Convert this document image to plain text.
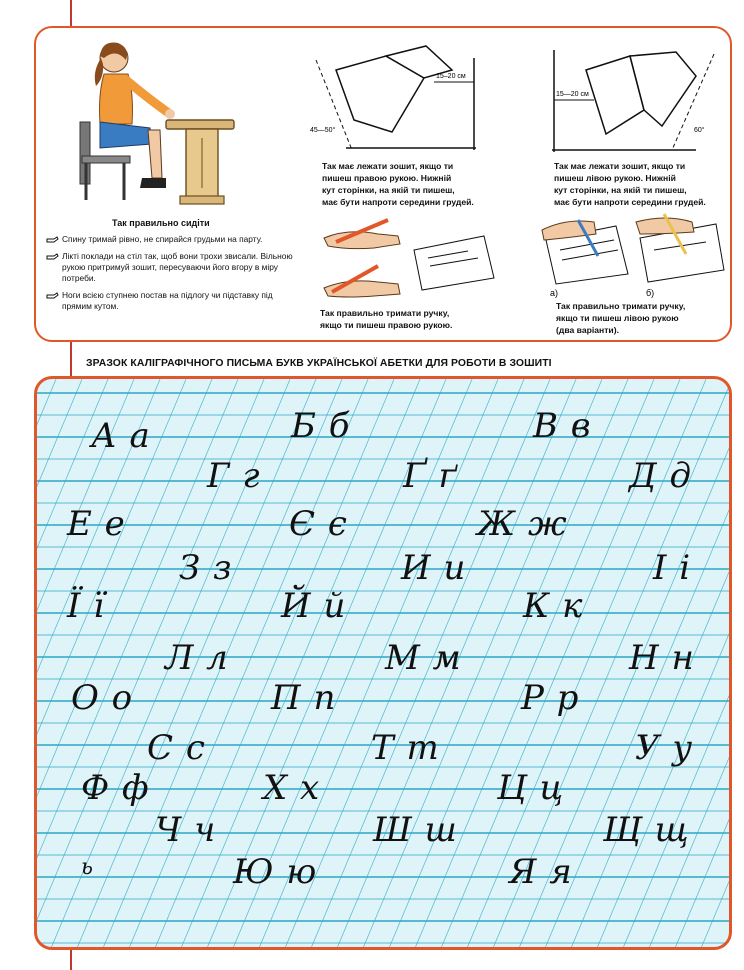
Так правильно сидіти
Спину тримай рівно, не спирайся грудьми на парту.
Лікті поклади на стіл так, щоб вони трохи звисали. Вільною рукою притримуй зошит, пересуваючи його вгору в міру потреби.
Ноги всією ступнею постав на підлогу чи підставку під прямим кутом.
15–20 см
45—50°
Так має лежати зошит, якщо ти
пишеш правою рукою. Нижній
кут сторінки, на якій ти пишеш,
має бути напроти середини грудей.
Так правильно тримати ручку,
якщо ти пишеш правою рукою.
15—20 см
60°
Так має лежати зошит, якщо ти
пишеш лівою рукою. Нижній
кут сторінки, на якій ти пишеш,
має бути напроти середини грудей.
а)	б)
Так правильно тримати ручку,
якщо ти пишеш лівою рукою
(два варіанти).
ЗРАЗОК КАЛІГРАФІЧНОГО ПИСЬМА БУКВ УКРАЇНСЬКОЇ АБЕТКИ ДЛЯ РОБОТИ В ЗОШИТІ
А а	Б б	В в
Г г	Ґ ґ	Д д
Е е	Є є	Ж ж
З з	И и	І і
Ї ї	Й й	К к
Л л	М м	Н н
О о	П п	Р р
С с	Т т	У у
Ф ф	Х х	Ц ц
Ч ч	Ш ш	Щ щ
ь	Ю ю	Я я
